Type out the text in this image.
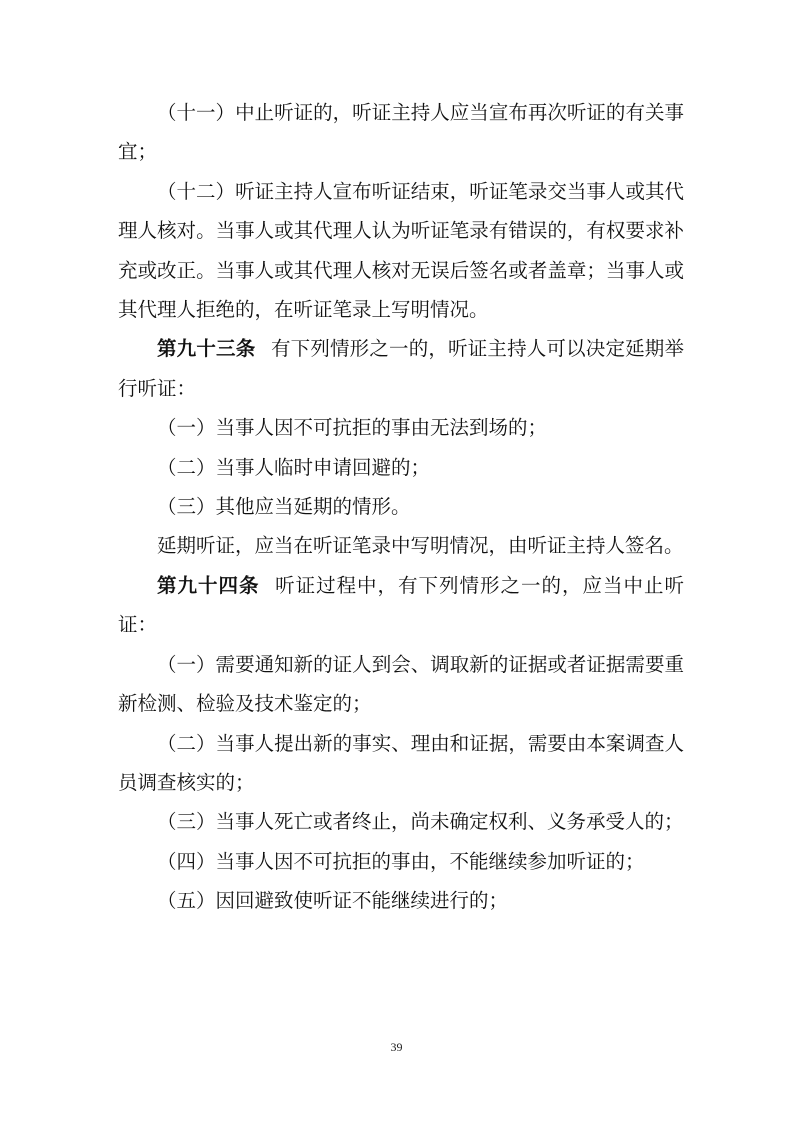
（十一）中止听证的，听证主持人应当宣布再次听证的有关事宜；

（十二）听证主持人宣布听证结束，听证笔录交当事人或其代理人核对。当事人或其代理人认为听证笔录有错误的，有权要求补充或改正。当事人或其代理人核对无误后签名或者盖章；当事人或其代理人拒绝的，在听证笔录上写明情况。

第九十三条 有下列情形之一的，听证主持人可以决定延期举行听证：

（一）当事人因不可抗拒的事由无法到场的；

（二）当事人临时申请回避的；

（三）其他应当延期的情形。

延期听证，应当在听证笔录中写明情况，由听证主持人签名。

第九十四条 听证过程中，有下列情形之一的，应当中止听证：

（一）需要通知新的证人到会、调取新的证据或者证据需要重新检测、检验及技术鉴定的；

（二）当事人提出新的事实、理由和证据，需要由本案调查人员调查核实的；

（三）当事人死亡或者终止，尚未确定权利、义务承受人的；

（四）当事人因不可抗拒的事由，不能继续参加听证的；

（五）因回避致使听证不能继续进行的；

39
